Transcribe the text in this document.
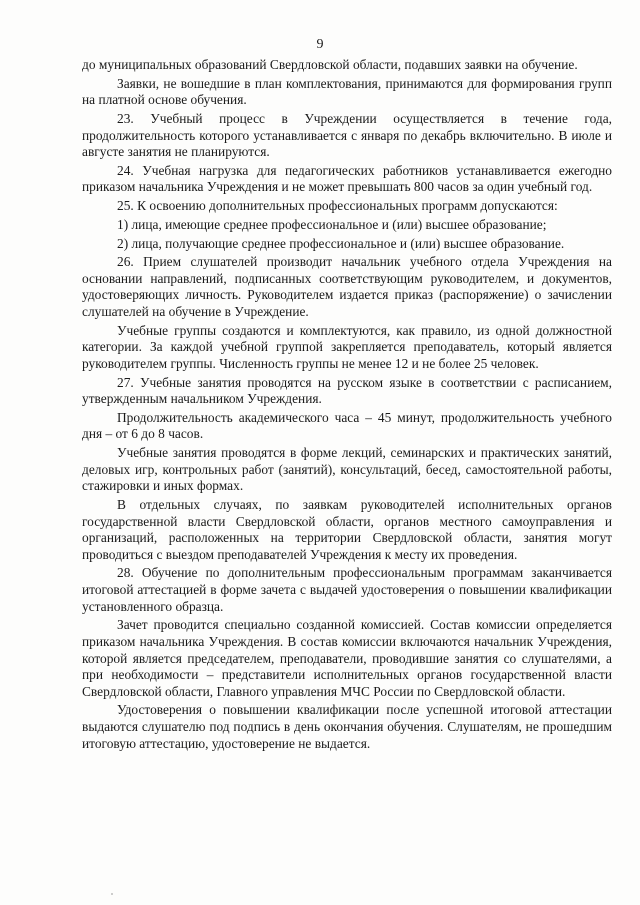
9

до муниципальных образований Свердловской области, подавших заявки на обучение.

Заявки, не вошедшие в план комплектования, принимаются для формирования групп на платной основе обучения.

23. Учебный процесс в Учреждении осуществляется в течение года, продолжительность которого устанавливается с января по декабрь включительно. В июле и августе занятия не планируются.

24. Учебная нагрузка для педагогических работников устанавливается ежегодно приказом начальника Учреждения и не может превышать 800 часов за один учебный год.

25. К освоению дополнительных профессиональных программ допускаются:

1) лица, имеющие среднее профессиональное и (или) высшее образование;

2) лица, получающие среднее профессиональное и (или) высшее образование.

26. Прием слушателей производит начальник учебного отдела Учреждения на основании направлений, подписанных соответствующим руководителем, и документов, удостоверяющих личность. Руководителем издается приказ (распоряжение) о зачислении слушателей на обучение в Учреждение.

Учебные группы создаются и комплектуются, как правило, из одной должностной категории. За каждой учебной группой закрепляется преподаватель, который является руководителем группы. Численность группы не менее 12 и не более 25 человек.

27. Учебные занятия проводятся на русском языке в соответствии с расписанием, утвержденным начальником Учреждения.

Продолжительность академического часа – 45 минут, продолжительность учебного дня – от 6 до 8 часов.

Учебные занятия проводятся в форме лекций, семинарских и практических занятий, деловых игр, контрольных работ (занятий), консультаций, бесед, самостоятельной работы, стажировки и иных формах.

В отдельных случаях, по заявкам руководителей исполнительных органов государственной власти Свердловской области, органов местного самоуправления и организаций, расположенных на территории Свердловской области, занятия могут проводиться с выездом преподавателей Учреждения к месту их проведения.

28. Обучение по дополнительным профессиональным программам заканчивается итоговой аттестацией в форме зачета с выдачей удостоверения о повышении квалификации установленного образца.

Зачет проводится специально созданной комиссией. Состав комиссии определяется приказом начальника Учреждения. В состав комиссии включаются начальник Учреждения, которой является председателем, преподаватели, проводившие занятия со слушателями, а при необходимости – представители исполнительных органов государственной власти Свердловской области, Главного управления МЧС России по Свердловской области.

Удостоверения о повышении квалификации после успешной итоговой аттестации выдаются слушателю под подпись в день окончания обучения. Слушателям, не прошедшим итоговую аттестацию, удостоверение не выдается.
